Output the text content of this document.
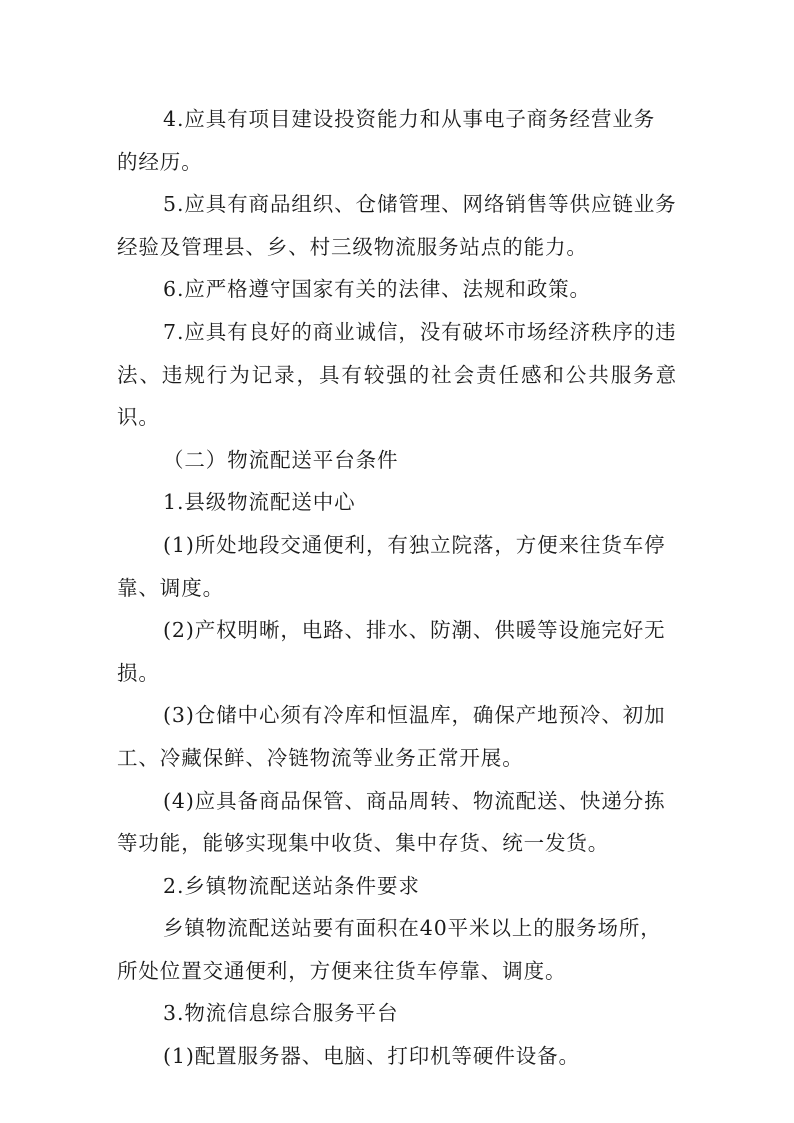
4.应具有项目建设投资能力和从事电子商务经营业务

的经历。

5.应具有商品组织、仓储管理、网络销售等供应链业务

经验及管理县、乡、村三级物流服务站点的能力。

6.应严格遵守国家有关的法律、法规和政策。

7.应具有良好的商业诚信，没有破坏市场经济秩序的违

法、违规行为记录，具有较强的社会责任感和公共服务意识。

（二）物流配送平台条件

1.县级物流配送中心

(1)所处地段交通便利，有独立院落，方便来往货车停

靠、调度。

(2)产权明晰，电路、排水、防潮、供暖等设施完好无

损。

(3)仓储中心须有冷库和恒温库，确保产地预冷、初加

工、冷藏保鲜、冷链物流等业务正常开展。

(4)应具备商品保管、商品周转、物流配送、快递分拣

等功能，能够实现集中收货、集中存货、统一发货。

2.乡镇物流配送站条件要求

乡镇物流配送站要有面积在40平米以上的服务场所，

所处位置交通便利，方便来往货车停靠、调度。

3.物流信息综合服务平台

(1)配置服务器、电脑、打印机等硬件设备。
